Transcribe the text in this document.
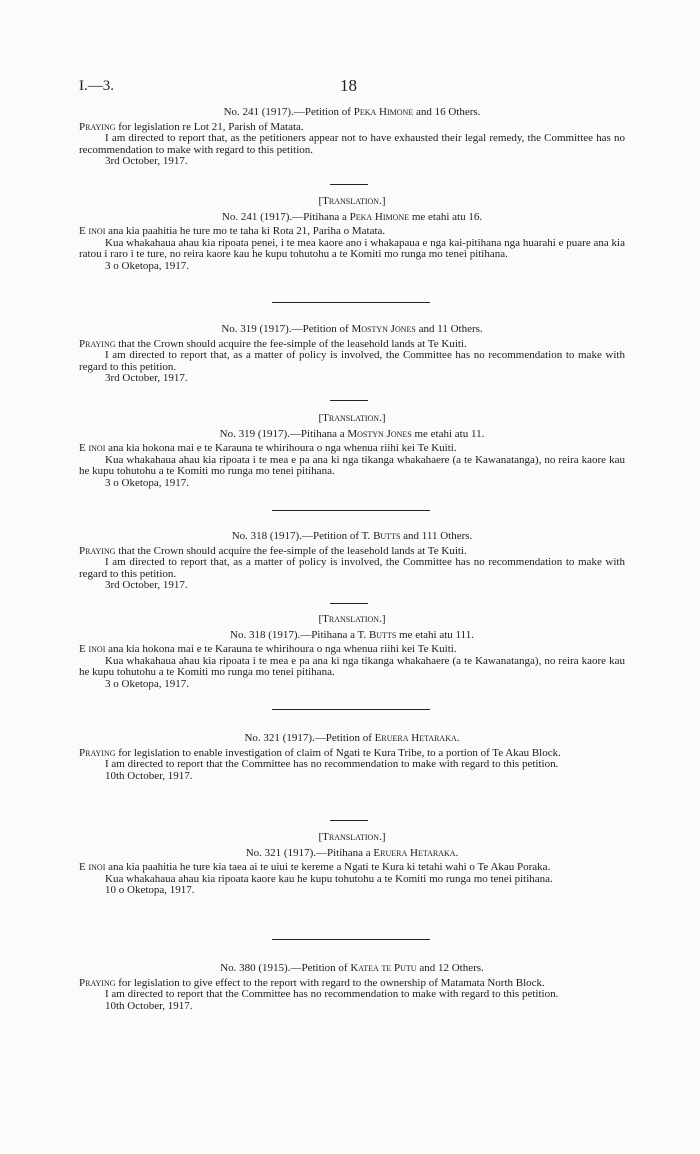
I.—3.	18
No. 241 (1917).—Petition of Peka Himone and 16 Others.

Praying for legislation re Lot 21, Parish of Matata.

I am directed to report that, as the petitioners appear not to have exhausted their legal remedy, the Committee has no recommendation to make with regard to this petition.

3rd October, 1917.

[Translation.]
No. 241 (1917).—Pitihana a Peka Himone me etahi atu 16.

E inoi ana kia paahitia he ture mo te taha ki Rota 21, Pariha o Matata.

Kua whakahaua ahau kia ripoata penei, i te mea kaore ano i whakapaua e nga kai-pitihana nga huarahi e puare ana kia ratou i raro i te ture, no reira kaore kau he kupu tohutohu a te Komiti mo runga mo tenei pitihana.

3 o Oketopa, 1917.

No. 319 (1917).—Petition of Mostyn Jones and 11 Others.

Praying that the Crown should acquire the fee-simple of the leasehold lands at Te Kuiti.

I am directed to report that, as a matter of policy is involved, the Committee has no recommendation to make with regard to this petition.

3rd October, 1917.

[Translation.]
No. 319 (1917).—Pitihana a Mostyn Jones me etahi atu 11.

E inoi ana kia hokona mai e te Karauna te whirihoura o nga whenua riihi kei Te Kuiti.

Kua whakahaua ahau kia ripoata i te mea e pa ana ki nga tikanga whakahaere (a te Kawanatanga), no reira kaore kau he kupu tohutohu a te Komiti mo runga mo tenei pitihana.

3 o Oketopa, 1917.

No. 318 (1917).—Petition of T. Butts and 111 Others.

Praying that the Crown should acquire the fee-simple of the leasehold lands at Te Kuiti.

I am directed to report that, as a matter of policy is involved, the Committee has no recommendation to make with regard to this petition.

3rd October, 1917.

[Translation.]
No. 318 (1917).—Pitihana a T. Butts me etahi atu 111.

E inoi ana kia hokona mai e te Karauna te whirihoura o nga whenua riihi kei Te Kuiti.

Kua whakahaua ahau kia ripoata i te mea e pa ana ki nga tikanga whakahaere (a te Kawanatanga), no reira kaore kau he kupu tohutohu a te Komiti mo runga mo tenei pitihana.

3 o Oketopa, 1917.

No. 321 (1917).—Petition of Eruera Hetaraka.

Praying for legislation to enable investigation of claim of Ngati te Kura Tribe, to a portion of Te Akau Block.

I am directed to report that the Committee has no recommendation to make with regard to this petition.

10th October, 1917.

[Translation.]
No. 321 (1917).—Pitihana a Eruera Hetaraka.

E inoi ana kia paahitia he ture kia taea ai te uiui te kereme a Ngati te Kura ki tetahi wahi o Te Akau Poraka.

Kua whakahaua ahau kia ripoata kaore kau he kupu tohutohu a te Komiti mo runga mo tenei pitihana.

10 o Oketopa, 1917.

No. 380 (1915).—Petition of Katea te Putu and 12 Others.

Praying for legislation to give effect to the report with regard to the ownership of Matamata North Block.

I am directed to report that the Committee has no recommendation to make with regard to this petition.

10th October, 1917.
